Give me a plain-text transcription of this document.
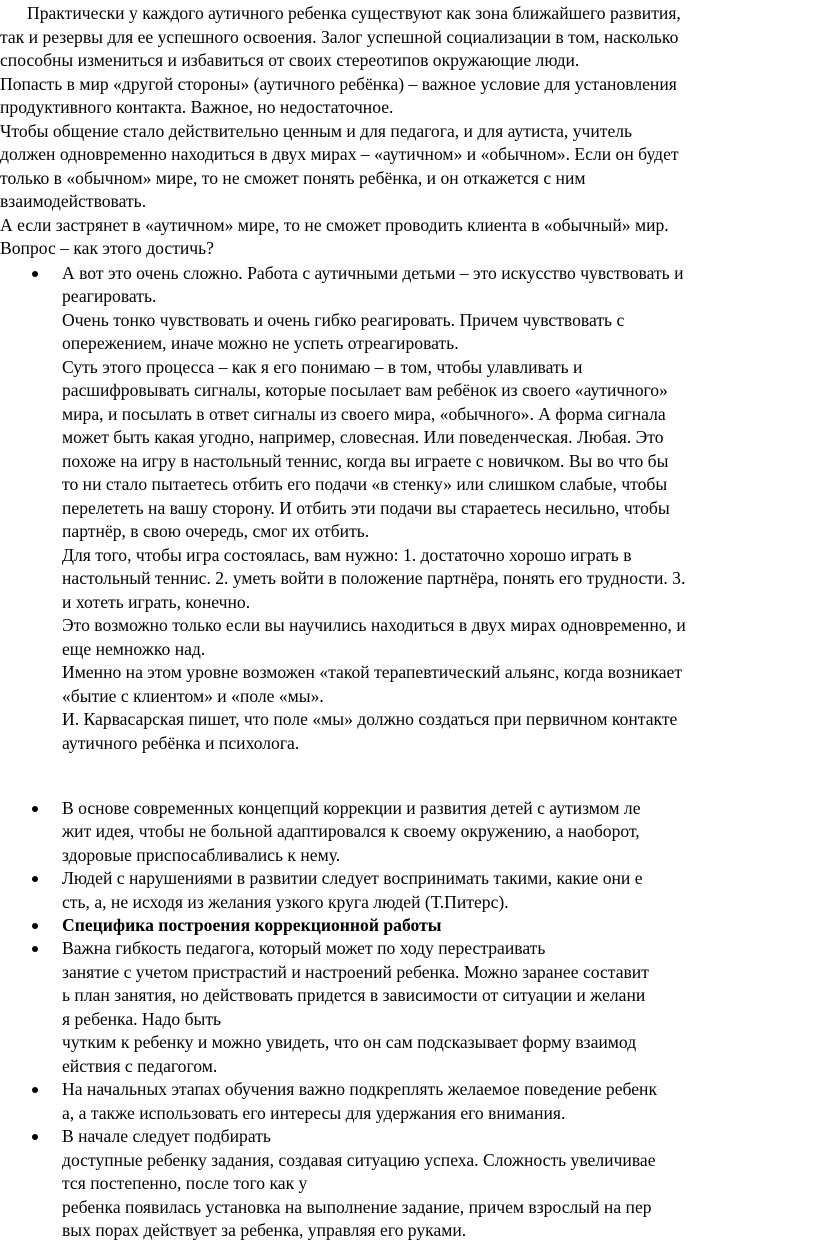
Практически у каждого аутичного ребенка существуют как зона ближайшего развития,
так и резервы для ее успешного освоения. Залог успешной социализации в том, насколько
способны измениться и избавиться от своих стереотипов окружающие люди.
Попасть в мир «другой стороны» (аутичного ребёнка) – важное условие для установления
продуктивного контакта. Важное, но недостаточное.
Чтобы общение стало действительно ценным и для педагога, и для аутиста, учитель
должен одновременно находиться в двух мирах – «аутичном» и «обычном». Если он будет
только в «обычном» мире, то не сможет понять ребёнка, и он откажется с ним
взаимодействовать.
А если застрянет в «аутичном» мире, то не сможет проводить клиента в «обычный» мир.
Вопрос – как этого достичь?
А вот это очень сложно. Работа с аутичными детьми – это искусство чувствовать и
реагировать.
Очень тонко чувствовать и очень гибко реагировать. Причем чувствовать с
опережением, иначе можно не успеть отреагировать.
Суть этого процесса – как я его понимаю – в том, чтобы улавливать и
расшифровывать сигналы, которые посылает вам ребёнок из своего «аутичного»
мира, и посылать в ответ сигналы из своего мира, «обычного». А форма сигнала
может быть какая угодно, например, словесная. Или поведенческая. Любая. Это
похоже на игру в настольный теннис, когда вы играете с новичком. Вы во что бы
то ни стало пытаетесь отбить его подачи «в стенку» или слишком слабые, чтобы
перелететь на вашу сторону. И отбить эти подачи вы стараетесь несильно, чтобы
партнёр, в свою очередь, смог их отбить.
Для того, чтобы игра состоялась, вам нужно: 1. достаточно хорошо играть в
настольный теннис. 2. уметь войти в положение партнёра, понять его трудности. 3.
и хотеть играть, конечно.
Это возможно только если вы научились находиться в двух мирах одновременно, и
еще немножко над.
Именно на этом уровне возможен «такой терапевтический альянс, когда возникает
«бытие с клиентом» и «поле «мы».
И. Карвасарская пишет, что поле «мы» должно создаться при первичном контакте
аутичного ребёнка и психолога.
В основе современных концепций коррекции и развития детей с аутизмом ле
жит идея, чтобы не больной адаптировался к своему окружению, а наоборот,
здоровые приспосабливались к нему.
Людей с нарушениями в развитии следует воспринимать такими, какие они е
сть, а, не исходя из желания узкого круга людей (Т.Питерс).
Специфика построения коррекционной работы
Важна гибкость педагога, который может по ходу перестраивать
занятие с учетом пристрастий и настроений ребенка. Можно заранее составит
ь план занятия, но действовать придется в зависимости от ситуации и желани
я ребенка. Надо быть
чутким к ребенку и можно увидеть, что он сам подсказывает форму взаимод
ействия с педагогом.
На начальных этапах обучения важно подкреплять желаемое поведение ребенк
а, а также использовать его интересы для удержания его внимания.
В начале следует подбирать
доступные ребенку задания, создавая ситуацию успеха. Сложность увеличивае
тся постепенно, после того как у
ребенка появилась установка на выполнение задание, причем взрослый на пер
вых порах действует за ребенка, управляя его руками.
